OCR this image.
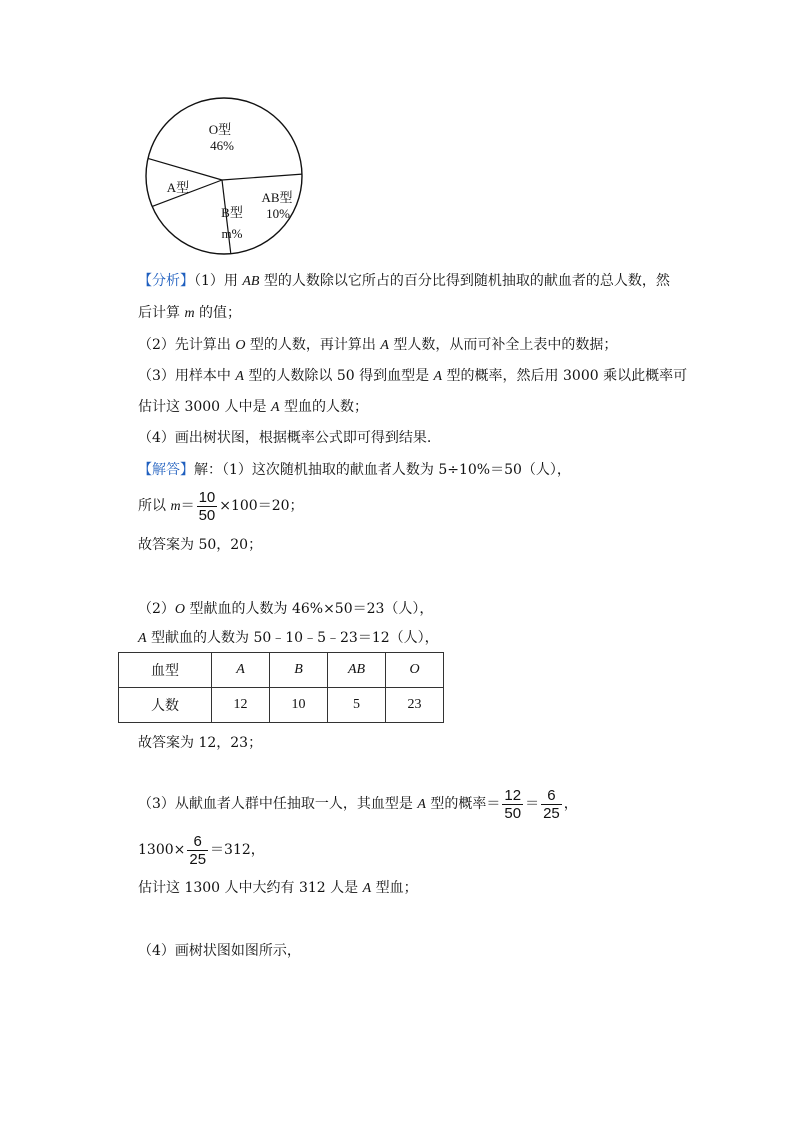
O型
46%
A型
B型
m%
AB型
10%
【分析】（1）用 AB 型的人数除以它所占的百分比得到随机抽取的献血者的总人数，然
后计算 m 的值；
（2）先计算出 O 型的人数，再计算出 A 型人数，从而可补全上表中的数据；
（3）用样本中 A 型的人数除以 50 得到血型是 A 型的概率，然后用 3000 乘以此概率可
估计这 3000 人中是 A 型血的人数；
（4）画出树状图，根据概率公式即可得到结果.
【解答】解：（1）这次随机抽取的献血者人数为 5÷10%＝50（人），
所以 $m= \frac{10}{50} \times 100=20$；
故答案为 50，20；
（2）O 型献血的人数为 46%×50＝23（人），
A 型献血的人数为 50﹣10﹣5﹣23＝12（人），
血型	A	B	AB	O
人数	12	10	5	23
故答案为 12，23；
（3）从献血者人群中任抽取一人，其血型是 A 型的概率＝ $\frac{12}{50} = \frac{6}{25}$ ，
$1300\times \frac{6}{25} =312$，
估计这 1300 人中大约有 312 人是 A 型血；
（4）画树状图如图所示，
